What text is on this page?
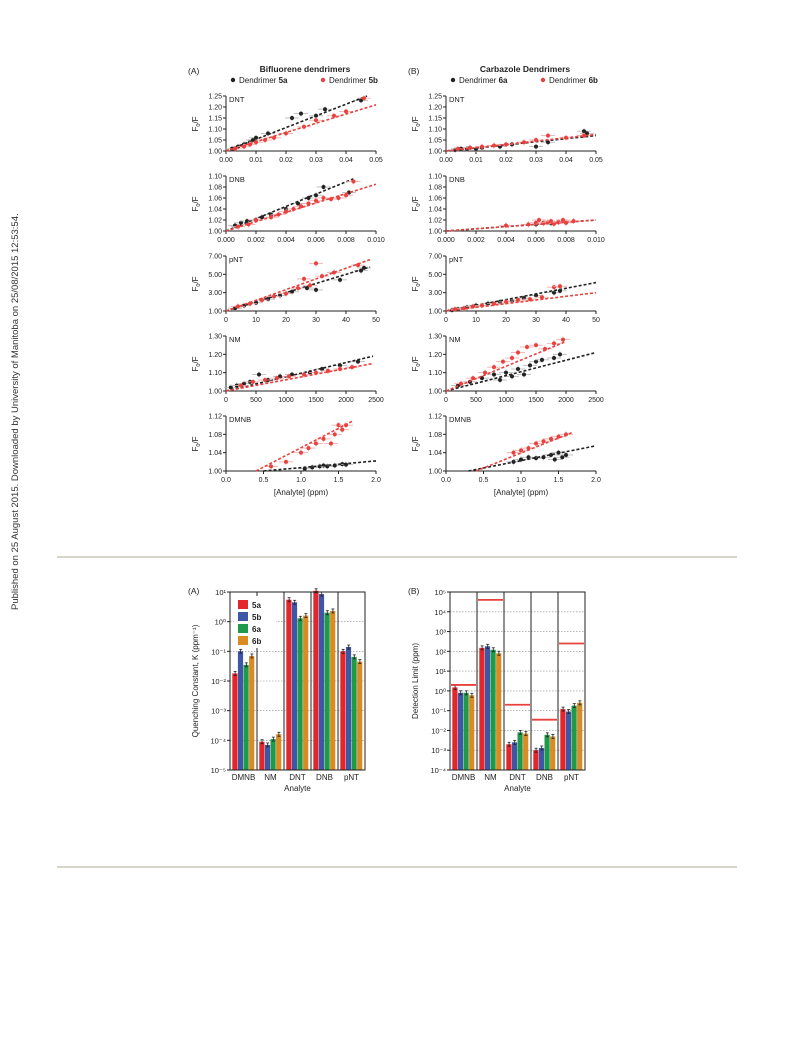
Published on 25 August 2015. Downloaded by University of Manitoba on 25/08/2015 12:53:54.
(A)	Bifluorene dendrimers
Dendrimer 5a	Dendrimer 5b
(B)	Carbazole Dendrimers
Dendrimer 6a	Dendrimer 6b
1.00
1.05
1.10
1.15
1.20
1.25
0.00 0.01 0.02 0.03 0.04 0.05
DNT
$F_0/F$
1.00
1.05
1.10
1.15
1.20
1.25
0.00 0.01 0.02 0.03 0.04 0.05
DNT
$F_0/F$
1.00
1.02
1.04
1.06
1.08
1.10
0.000 0.002 0.004 0.006 0.008 0.010
DNB
$F_0/F$
1.00
1.02
1.04
1.06
1.08
1.10
0.000 0.002 0.004 0.006 0.008 0.010
DNB
$F_0/F$
1.00
3.00
5.00
7.00
0	10	20	30	40	50
pNT
$F_0/F$
1.00
3.00
5.00
7.00
0	10	20	30	40	50
pNT
$F_0/F$
1.00
1.10
1.20
1.30
0	500 1000 1500 2000 2500
NM
$F_0/F$
1.00
1.10
1.20
1.30
0	500 1000 1500 2000 2500
NM
$F_0/F$
1.00
1.04
1.08
1.12
0.0	0.5	1.0	1.5	2.0
DMNB
$F_0/F$
[Analyte] (ppm)
1.00
1.04
1.08
1.12
0.0	0.5	1.0	1.5	2.0
DMNB
$F_0/F$
[Analyte] (ppm)
(A)
10⁻⁵
10⁻⁴
10⁻³
10⁻²
10⁻¹
10⁰
10¹
DMNB NM DNT DNB pNT
Analyte
Quenching Constant, K (ppm⁻¹)
5a
5b
6a
6b
(B)
10⁻⁴
10⁻³
10⁻²
10⁻¹
10⁰
10¹
10²
10³
10⁴
10⁵
DMNB NM DNT DNB pNT
Analyte
Detection Limit (ppm)
